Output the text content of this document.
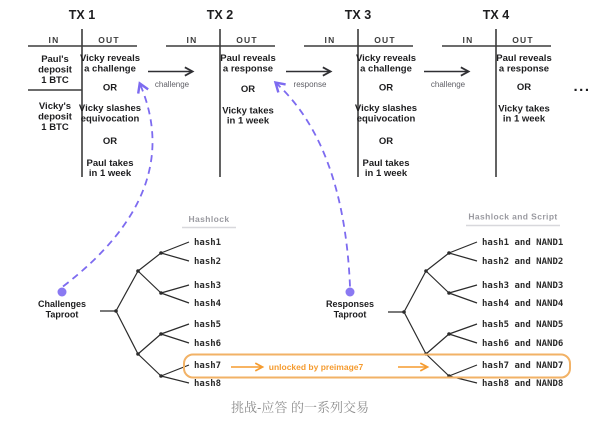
TX 1
IN	OUT
Paul's
deposit
1 BTC
Vicky's
deposit
1 BTC
Vicky reveals
a challenge
OR
Vicky slashes
equivocation
OR
Paul takes
in 1 week
TX 2
IN	OUT
Paul reveals
a response
OR
Vicky takes
in 1 week
TX 3
IN	OUT
Vicky reveals
a challenge
OR
Vicky slashes
equivocation
OR
Paul takes
in 1 week
TX 4
IN	OUT
Paul reveals
a response
OR
Vicky takes
in 1 week
challenge	response	challenge	...
Challenges
Taproot
Hashlock
hash1
hash2
hash3
hash4
hash5
hash6
hash7
hash8
Responses
Taproot
Hashlock and Script
hash1 and NAND1
hash2 and NAND2
hash3 and NAND3
hash4 and NAND4
hash5 and NAND5
hash6 and NAND6
hash7 and NAND7
hash8 and NAND8
unlocked by preimage7
挑战-应答 的一系列交易
